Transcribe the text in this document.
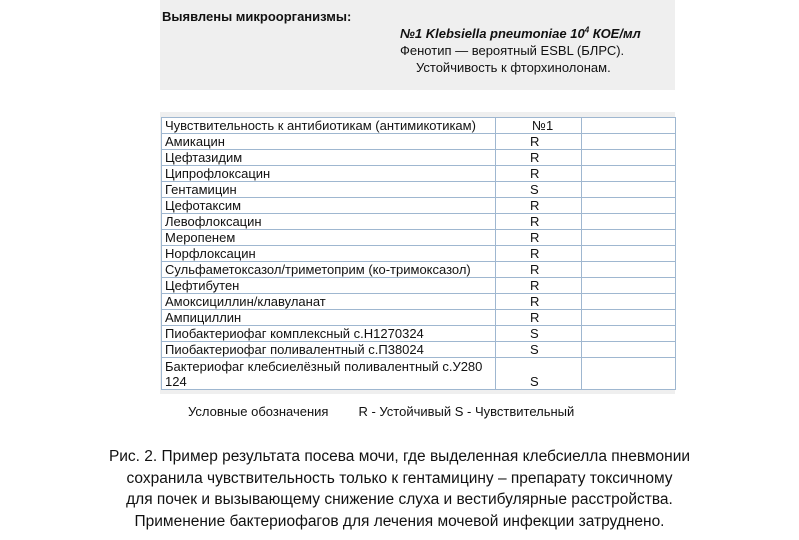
Выявлены микроорганизмы:
№1 Klebsiella pneumoniae $10^4$ КОЕ/мл
Фенотип — вероятный ESBL (БЛРС).
Устойчивость к фторхинолонам.
Чувствительность к антибиотикам (антимикотикам)	№1	
Амикацин	R	
Цефтазидим	R	
Ципрофлоксацин	R	
Гентамицин	S	
Цефотаксим	R	
Левофлоксацин	R	
Меропенем	R	
Норфлоксацин	R	
Сульфаметоксазол/триметоприм (ко-тримоксазол)	R	
Цефтибутен	R	
Амоксициллин/клавуланат	R	
Ампициллин	R	
Пиобактериофаг комплексный с.Н1270324	S	
Пиобактериофаг поливалентный с.П38024	S	

Бактериофаг клебсиелёзный поливалентный с.У280
124	S	
Условные обозначения R - Устойчивый S - Чувствительный
Рис. 2. Пример результата посева мочи, где выделенная клебсиелла пневмонии
сохранила чувствительность только к гентамицину – препарату токсичному
для почек и вызывающему снижение слуха и вестибулярные расстройства.
Применение бактериофагов для лечения мочевой инфекции затруднено.
